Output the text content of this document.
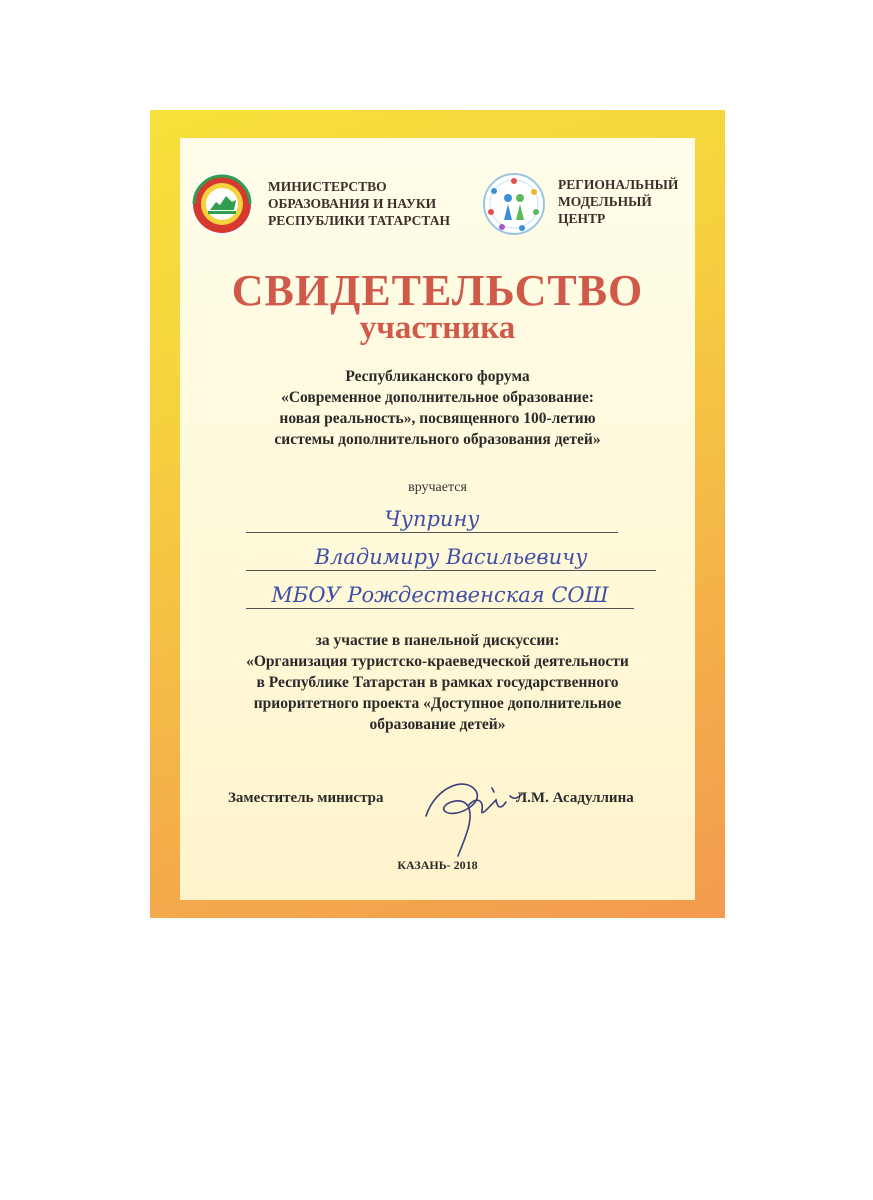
МИНИСТЕРСТВО
ОБРАЗОВАНИЯ И НАУКИ
РЕСПУБЛИКИ ТАТАРСТАН
РЕГИОНАЛЬНЫЙ
МОДЕЛЬНЫЙ
ЦЕНТР
СВИДЕТЕЛЬСТВО
участника
Республиканского форума
«Современное дополнительное образование:
новая реальность», посвященного 100-летию
системы дополнительного образования детей»
вручается
Чуприну
Владимиру Васильевичу
МБОУ Рождественская СОШ
за участие в панельной дискуссии:
«Организация туристско-краеведческой деятельности
в Республике Татарстан в рамках государственного
приоритетного проекта «Доступное дополнительное
образование детей»
Заместитель министра	Л.М. Асадуллина
КАЗАНЬ- 2018
